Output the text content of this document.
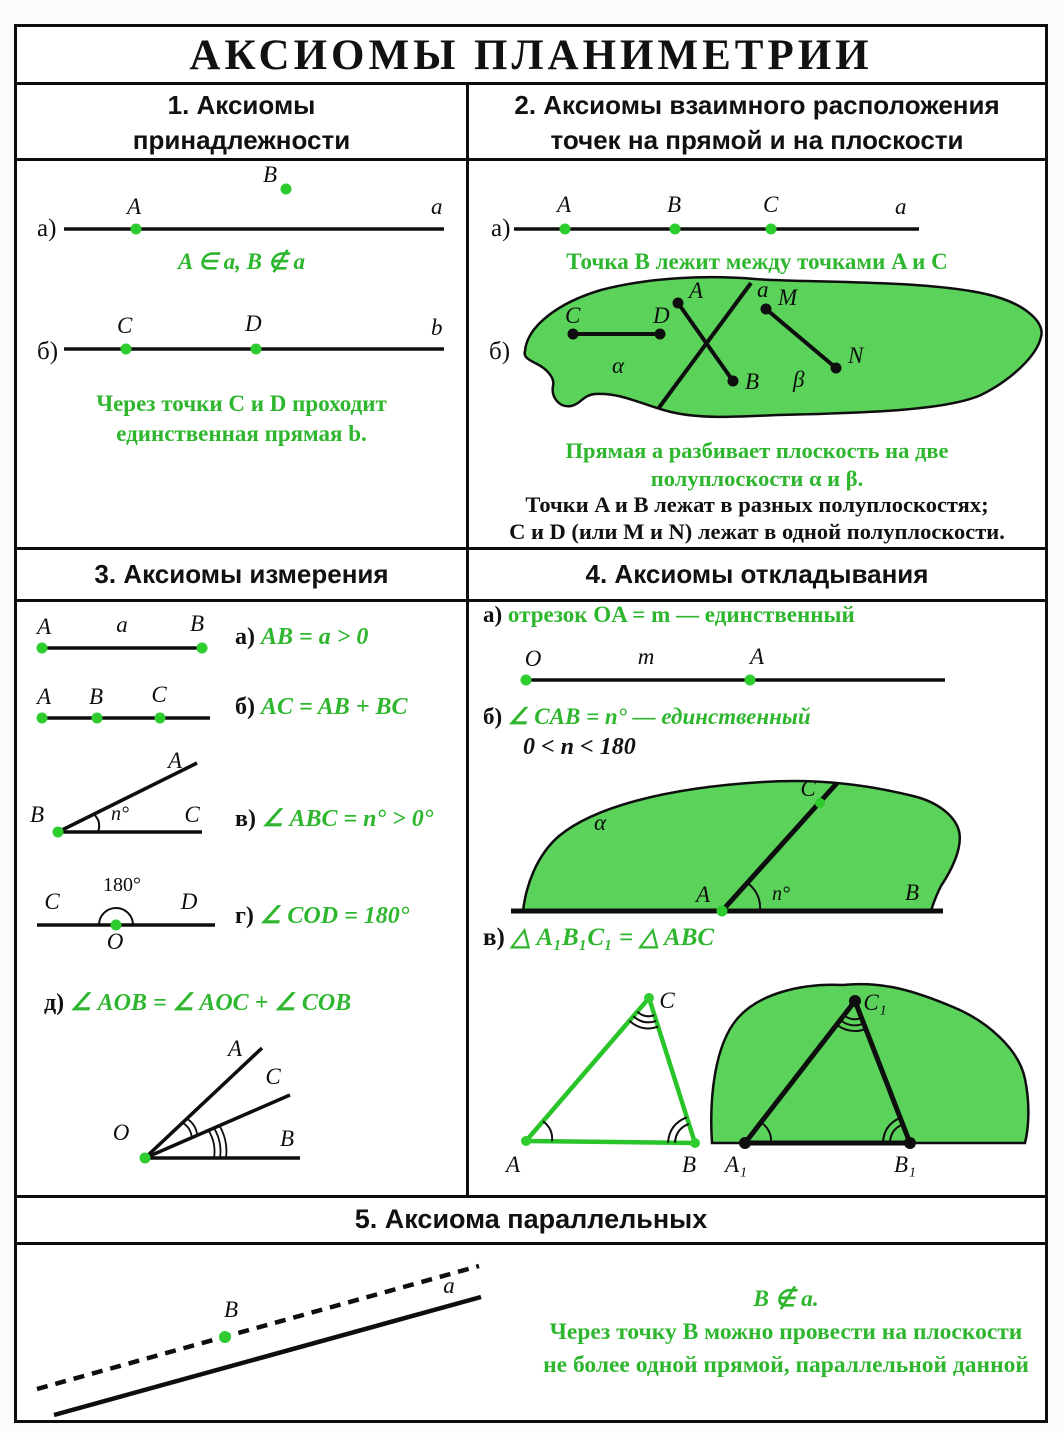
АКСИОМЫ ПЛАНИМЕТРИИ
1. Аксиомы
принадлежности
2. Аксиомы взаимного расположения
точек на прямой и на плоскости
а)
A
B
a
A ∈ a, B ∉ a
б)
C	D	b
Через точки C и D проходит
единственная прямая b.
а)
A	B	C	a
Точка B лежит между точками A и C
б)
C	D
A
B
M
N
a
α
β
Прямая a разбивает плоскость на две
полуплоскости α и β.
Точки A и B лежат в разных полуплоскостях;
C и D (или M и N) лежат в одной полуплоскости.
3. Аксиомы измерения	4. Аксиомы откладывания
A	a	B
а) AB = a > 0
A B C	б) AC = AB + BC
B
A
C
n°	в) ∠ ABC = n° > 0°
C	D
O
180°
г) ∠ COD = 180°
д) ∠ AOB = ∠ AOC + ∠ COB
O
A
C
B
а) отрезок OA = m — единственный
O	m	A
б) ∠ CAB = n° — единственный
0 < n < 180
A	B
C
n°
α
в) △ A₁B₁C₁ = △ ABC
A	B
C
A₁	B₁
C₁
5. Аксиома параллельных
B
a
B ∉ a.
Через точку B можно провести на плоскости
не более одной прямой, параллельной данной
